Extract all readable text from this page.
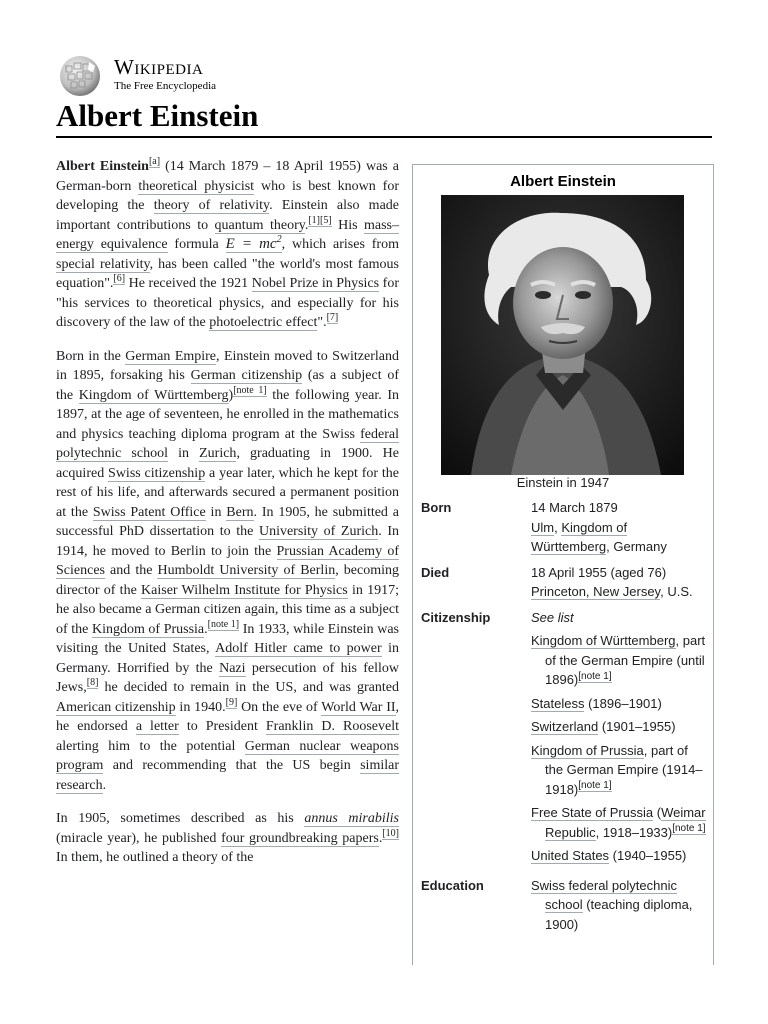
Wikipedia
The Free Encyclopedia
Albert Einstein

Albert Einstein[a] (14 March 1879 – 18 April 1955) was a German-born theoretical physicist who is best known for developing the theory of relativity. Einstein also made important contributions to quantum theory.[1][5] His mass–energy equivalence formula $E = mc^2$, which arises from special relativity, has been called "the world's most famous equation".[6] He received the 1921 Nobel Prize in Physics for "his services to theoretical physics, and especially for his discovery of the law of the photoelectric effect".[7]

Born in the German Empire, Einstein moved to Switzerland in 1895, forsaking his German citizenship (as a subject of the Kingdom of Württemberg)[note 1] the following year. In 1897, at the age of seventeen, he enrolled in the mathematics and physics teaching diploma program at the Swiss federal polytechnic school in Zurich, graduating in 1900. He acquired Swiss citizenship a year later, which he kept for the rest of his life, and afterwards secured a permanent position at the Swiss Patent Office in Bern. In 1905, he submitted a successful PhD dissertation to the University of Zurich. In 1914, he moved to Berlin to join the Prussian Academy of Sciences and the Humboldt University of Berlin, becoming director of the Kaiser Wilhelm Institute for Physics in 1917; he also became a German citizen again, this time as a subject of the Kingdom of Prussia.[note 1] In 1933, while Einstein was visiting the United States, Adolf Hitler came to power in Germany. Horrified by the Nazi persecution of his fellow Jews,[8] he decided to remain in the US, and was granted American citizenship in 1940.[9] On the eve of World War II, he endorsed a letter to President Franklin D. Roosevelt alerting him to the potential German nuclear weapons program and recommending that the US begin similar research.

In 1905, sometimes described as his annus mirabilis (miracle year), he published four groundbreaking papers.[10] In them, he outlined a theory of the

Albert Einstein
Einstein in 1947
Born	14 March 1879
Ulm, Kingdom of Württemberg, Germany
Died	18 April 1955 (aged 76)
Princeton, New Jersey, U.S.
Citizenship	See list
Kingdom of Württemberg, part of the German Empire (until 1896)[note 1]
Stateless (1896–1901)
Switzerland (1901–1955)
Kingdom of Prussia, part of the German Empire (1914–1918)[note 1]
Free State of Prussia (Weimar Republic, 1918–1933)[note 1]
United States (1940–1955)
Education	Swiss federal polytechnic school (teaching diploma, 1900)
